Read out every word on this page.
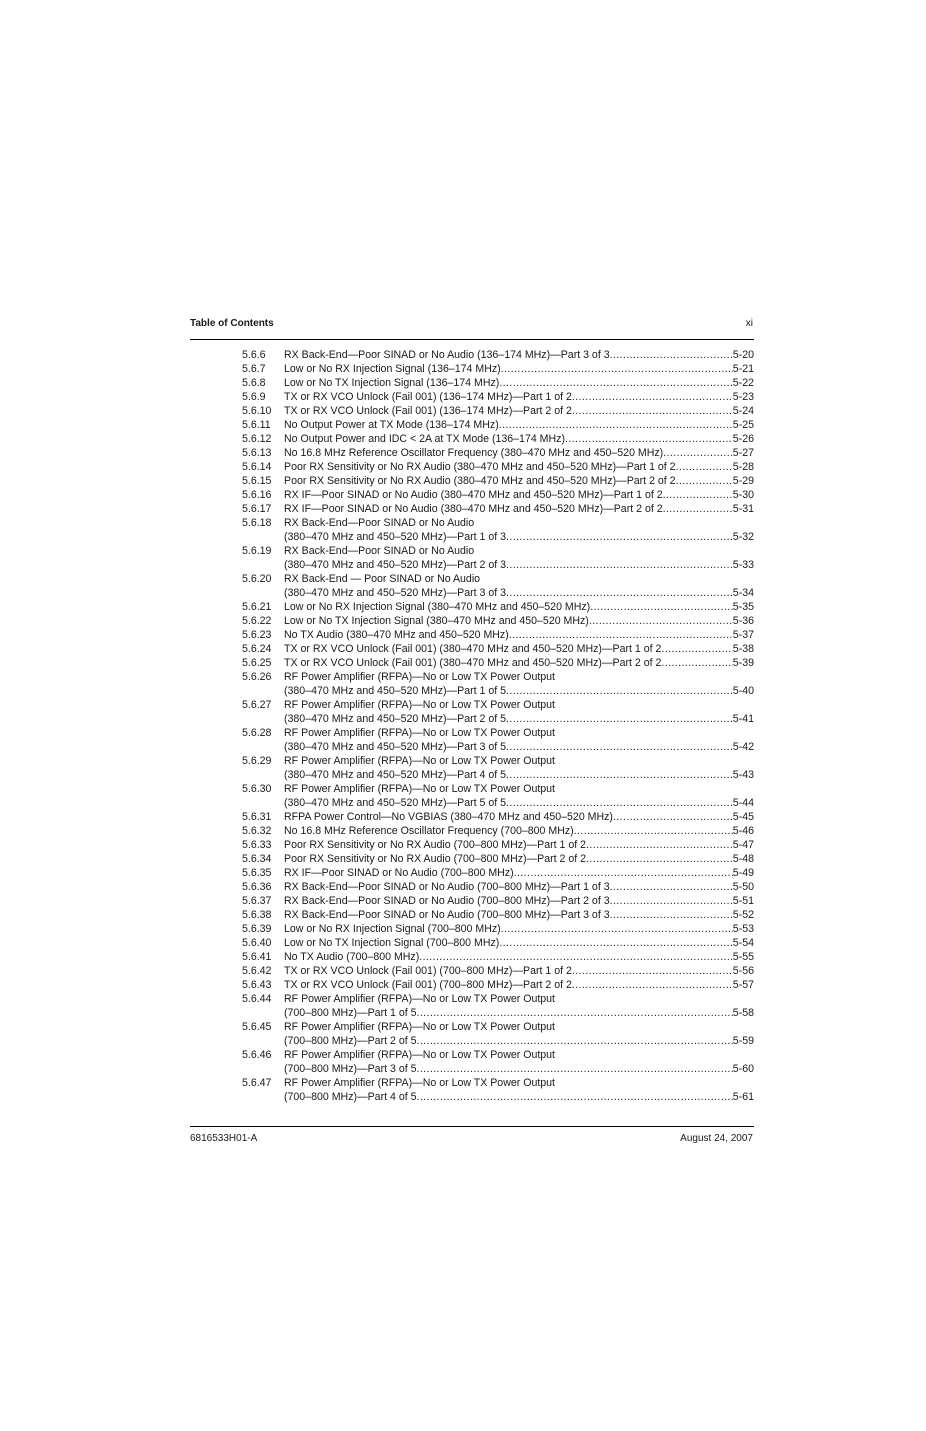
Table of Contents	xi
5.6.6	RX Back-End—Poor SINAD or No Audio (136–174 MHz)—Part 3 of 3 .....	5-20
5.6.7	Low or No RX Injection Signal (136–174 MHz) .....	5-21
5.6.8	Low or No TX Injection Signal (136–174 MHz) .....	5-22
5.6.9	TX or RX VCO Unlock (Fail 001) (136–174 MHz)—Part 1 of 2 .....	5-23
5.6.10	TX or RX VCO Unlock (Fail 001) (136–174 MHz)—Part 2 of 2 .....	5-24
5.6.11	No Output Power at TX Mode (136–174 MHz) .....	5-25
5.6.12	No Output Power and IDC < 2A at TX Mode (136–174 MHz) .....	5-26
5.6.13	No 16.8 MHz Reference Oscillator Frequency (380–470 MHz and 450–520 MHz) .....	5-27
5.6.14	Poor RX Sensitivity or No RX Audio (380–470 MHz and 450–520 MHz)—Part 1 of 2 .....	5-28
5.6.15	Poor RX Sensitivity or No RX Audio (380–470 MHz and 450–520 MHz)—Part 2 of 2 .....	5-29
5.6.16	RX IF—Poor SINAD or No Audio (380–470 MHz and 450–520 MHz)—Part 1 of 2 .....	5-30
5.6.17	RX IF—Poor SINAD or No Audio (380–470 MHz and 450–520 MHz)—Part 2 of 2 .....	5-31
5.6.18	RX Back-End—Poor SINAD or No Audio
(380–470 MHz and 450–520 MHz)—Part 1 of 3 .....	5-32
5.6.19	RX Back-End—Poor SINAD or No Audio
(380–470 MHz and 450–520 MHz)—Part 2 of 3 .....	5-33
5.6.20	RX Back-End — Poor SINAD or No Audio
(380–470 MHz and 450–520 MHz)—Part 3 of 3 .....	5-34
5.6.21	Low or No RX Injection Signal (380–470 MHz and 450–520 MHz) .....	5-35
5.6.22	Low or No TX Injection Signal (380–470 MHz and 450–520 MHz) .....	5-36
5.6.23	No TX Audio (380–470 MHz and 450–520 MHz) .....	5-37
5.6.24	TX or RX VCO Unlock (Fail 001) (380–470 MHz and 450–520 MHz)—Part 1 of 2 .....	5-38
5.6.25	TX or RX VCO Unlock (Fail 001) (380–470 MHz and 450–520 MHz)—Part 2 of 2 .....	5-39
5.6.26	RF Power Amplifier (RFPA)—No or Low TX Power Output
(380–470 MHz and 450–520 MHz)—Part 1 of 5 .....	5-40
5.6.27	RF Power Amplifier (RFPA)—No or Low TX Power Output
(380–470 MHz and 450–520 MHz)—Part 2 of 5 .....	5-41
5.6.28	RF Power Amplifier (RFPA)—No or Low TX Power Output
(380–470 MHz and 450–520 MHz)—Part 3 of 5 .....	5-42
5.6.29	RF Power Amplifier (RFPA)—No or Low TX Power Output
(380–470 MHz and 450–520 MHz)—Part 4 of 5 .....	5-43
5.6.30	RF Power Amplifier (RFPA)—No or Low TX Power Output
(380–470 MHz and 450–520 MHz)—Part 5 of 5 .....	5-44
5.6.31	RFPA Power Control—No VGBIAS (380–470 MHz and 450–520 MHz) .....	5-45
5.6.32	No 16.8 MHz Reference Oscillator Frequency (700–800 MHz) .....	5-46
5.6.33	Poor RX Sensitivity or No RX Audio (700–800 MHz)—Part 1 of 2 .....	5-47
5.6.34	Poor RX Sensitivity or No RX Audio (700–800 MHz)—Part 2 of 2 .....	5-48
5.6.35	RX IF—Poor SINAD or No Audio (700–800 MHz) .....	5-49
5.6.36	RX Back-End—Poor SINAD or No Audio (700–800 MHz)—Part 1 of 3 .....	5-50
5.6.37	RX Back-End—Poor SINAD or No Audio (700–800 MHz)—Part 2 of 3 .....	5-51
5.6.38	RX Back-End—Poor SINAD or No Audio (700–800 MHz)—Part 3 of 3 .....	5-52
5.6.39	Low or No RX Injection Signal (700–800 MHz) .....	5-53
5.6.40	Low or No TX Injection Signal (700–800 MHz) .....	5-54
5.6.41	No TX Audio (700–800 MHz) .....	5-55
5.6.42	TX or RX VCO Unlock (Fail 001) (700–800 MHz)—Part 1 of 2 .....	5-56
5.6.43	TX or RX VCO Unlock (Fail 001) (700–800 MHz)—Part 2 of 2 .....	5-57
5.6.44	RF Power Amplifier (RFPA)—No or Low TX Power Output
(700–800 MHz)—Part 1 of 5 .....	5-58
5.6.45	RF Power Amplifier (RFPA)—No or Low TX Power Output
(700–800 MHz)—Part 2 of 5 .....	5-59
5.6.46	RF Power Amplifier (RFPA)—No or Low TX Power Output
(700–800 MHz)—Part 3 of 5 .....	5-60
5.6.47	RF Power Amplifier (RFPA)—No or Low TX Power Output
(700–800 MHz)—Part 4 of 5 .....	5-61
6816533H01-A	August 24, 2007
